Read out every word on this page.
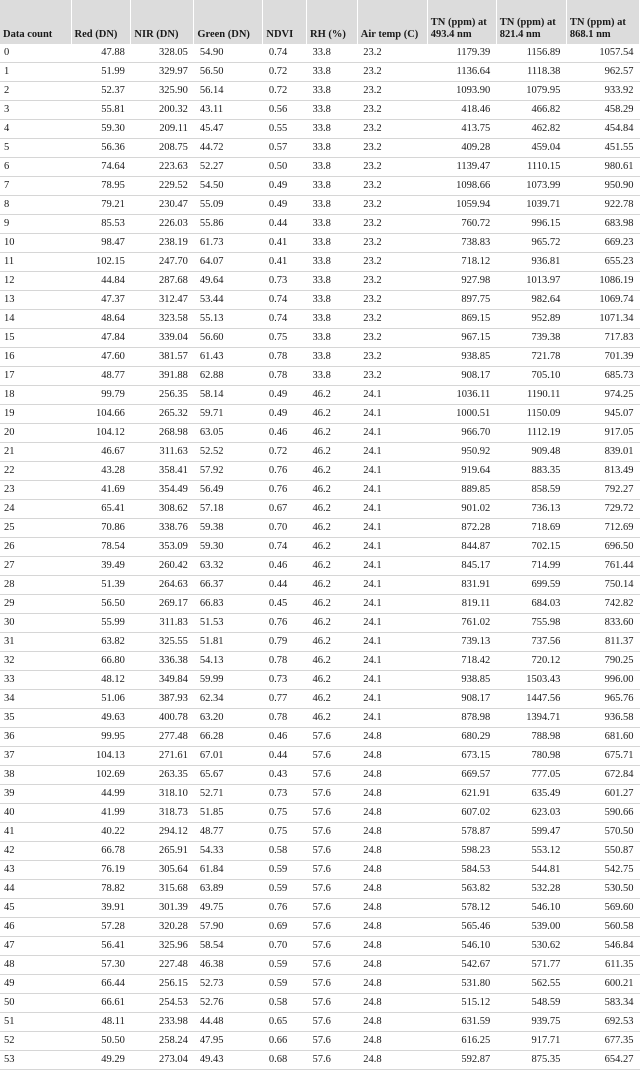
Data count	Red (DN)	NIR (DN)	Green (DN)	NDVI	RH (%)	Air temp (C)	TN (ppm) at 493.4 nm	TN (ppm) at 821.4 nm	TN (ppm) at 868.1 nm
0	47.88	328.05	54.90	0.74	33.8	23.2	1179.39	1156.89	1057.54
1	51.99	329.97	56.50	0.72	33.8	23.2	1136.64	1118.38	962.57
2	52.37	325.90	56.14	0.72	33.8	23.2	1093.90	1079.95	933.92
3	55.81	200.32	43.11	0.56	33.8	23.2	418.46	466.82	458.29
4	59.30	209.11	45.47	0.55	33.8	23.2	413.75	462.82	454.84
5	56.36	208.75	44.72	0.57	33.8	23.2	409.28	459.04	451.55
6	74.64	223.63	52.27	0.50	33.8	23.2	1139.47	1110.15	980.61
7	78.95	229.52	54.50	0.49	33.8	23.2	1098.66	1073.99	950.90
8	79.21	230.47	55.09	0.49	33.8	23.2	1059.94	1039.71	922.78
9	85.53	226.03	55.86	0.44	33.8	23.2	760.72	996.15	683.98
10	98.47	238.19	61.73	0.41	33.8	23.2	738.83	965.72	669.23
11	102.15	247.70	64.07	0.41	33.8	23.2	718.12	936.81	655.23
12	44.84	287.68	49.64	0.73	33.8	23.2	927.98	1013.97	1086.19
13	47.37	312.47	53.44	0.74	33.8	23.2	897.75	982.64	1069.74
14	48.64	323.58	55.13	0.74	33.8	23.2	869.15	952.89	1071.34
15	47.84	339.04	56.60	0.75	33.8	23.2	967.15	739.38	717.83
16	47.60	381.57	61.43	0.78	33.8	23.2	938.85	721.78	701.39
17	48.77	391.88	62.88	0.78	33.8	23.2	908.17	705.10	685.73
18	99.79	256.35	58.14	0.49	46.2	24.1	1036.11	1190.11	974.25
19	104.66	265.32	59.71	0.49	46.2	24.1	1000.51	1150.09	945.07
20	104.12	268.98	63.05	0.46	46.2	24.1	966.70	1112.19	917.05
21	46.67	311.63	52.52	0.72	46.2	24.1	950.92	909.48	839.01
22	43.28	358.41	57.92	0.76	46.2	24.1	919.64	883.35	813.49
23	41.69	354.49	56.49	0.76	46.2	24.1	889.85	858.59	792.27
24	65.41	308.62	57.18	0.67	46.2	24.1	901.02	736.13	729.72
25	70.86	338.76	59.38	0.70	46.2	24.1	872.28	718.69	712.69
26	78.54	353.09	59.30	0.74	46.2	24.1	844.87	702.15	696.50
27	39.49	260.42	63.32	0.46	46.2	24.1	845.17	714.99	761.44
28	51.39	264.63	66.37	0.44	46.2	24.1	831.91	699.59	750.14
29	56.50	269.17	66.83	0.45	46.2	24.1	819.11	684.03	742.82
30	55.99	311.83	51.53	0.76	46.2	24.1	761.02	755.98	833.60
31	63.82	325.55	51.81	0.79	46.2	24.1	739.13	737.56	811.37
32	66.80	336.38	54.13	0.78	46.2	24.1	718.42	720.12	790.25
33	48.12	349.84	59.99	0.73	46.2	24.1	938.85	1503.43	996.00
34	51.06	387.93	62.34	0.77	46.2	24.1	908.17	1447.56	965.76
35	49.63	400.78	63.20	0.78	46.2	24.1	878.98	1394.71	936.58
36	99.95	277.48	66.28	0.46	57.6	24.8	680.29	788.98	681.60
37	104.13	271.61	67.01	0.44	57.6	24.8	673.15	780.98	675.71
38	102.69	263.35	65.67	0.43	57.6	24.8	669.57	777.05	672.84
39	44.99	318.10	52.71	0.73	57.6	24.8	621.91	635.49	601.27
40	41.99	318.73	51.85	0.75	57.6	24.8	607.02	623.03	590.66
41	40.22	294.12	48.77	0.75	57.6	24.8	578.87	599.47	570.50
42	66.78	265.91	54.33	0.58	57.6	24.8	598.23	553.12	550.87
43	76.19	305.64	61.84	0.59	57.6	24.8	584.53	544.81	542.75
44	78.82	315.68	63.89	0.59	57.6	24.8	563.82	532.28	530.50
45	39.91	301.39	49.75	0.76	57.6	24.8	578.12	546.10	569.60
46	57.28	320.28	57.90	0.69	57.6	24.8	565.46	539.00	560.58
47	56.41	325.96	58.54	0.70	57.6	24.8	546.10	530.62	546.84
48	57.30	227.48	46.38	0.59	57.6	24.8	542.67	571.77	611.35
49	66.44	256.15	52.73	0.59	57.6	24.8	531.80	562.55	600.21
50	66.61	254.53	52.76	0.58	57.6	24.8	515.12	548.59	583.34
51	48.11	233.98	44.48	0.65	57.6	24.8	631.59	939.75	692.53
52	50.50	258.24	47.95	0.66	57.6	24.8	616.25	917.71	677.35
53	49.29	273.04	49.43	0.68	57.6	24.8	592.87	875.35	654.27
